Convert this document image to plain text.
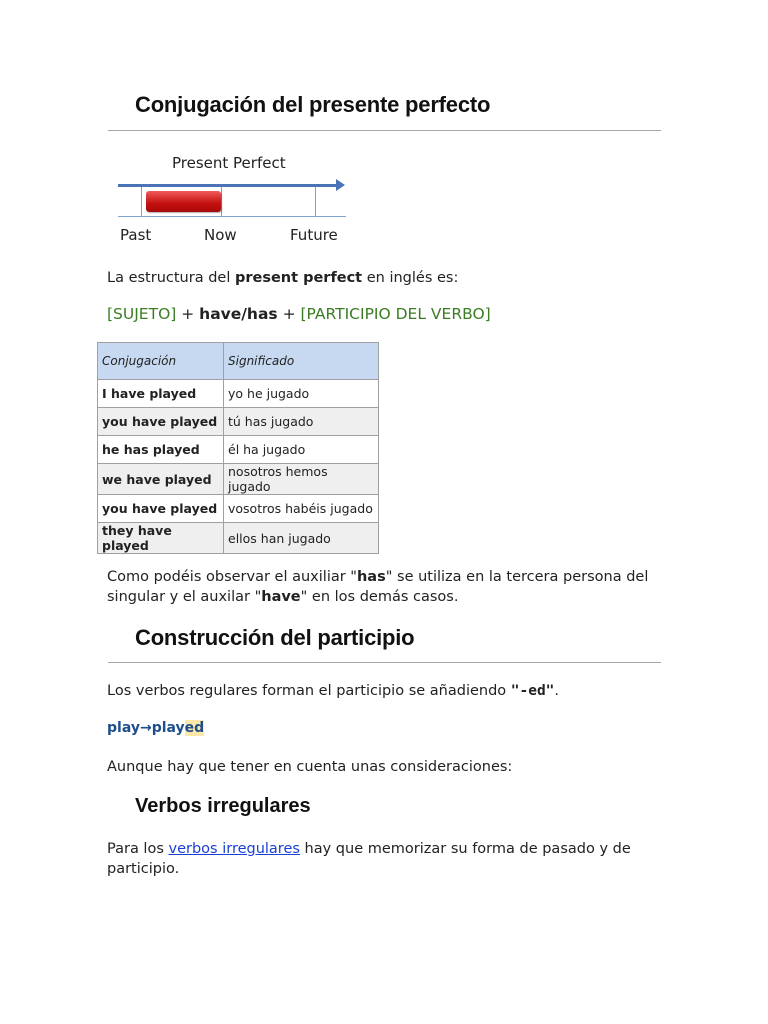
Conjugación del presente perfecto
Present Perfect
Past	Now	Future
La estructura del present perfect en inglés es:
[SUJETO] + have/has + [PARTICIPIO DEL VERBO]
Conjugación	Significado
I have played	yo he jugado
you have played	tú has jugado
he has played	él ha jugado
we have played	nosotros hemos jugado
you have played	vosotros habéis jugado
they have played	ellos han jugado
Como podéis observar el auxiliar "has" se utiliza en la tercera persona del singular y el auxilar "have" en los demás casos.
Construcción del participio
Los verbos regulares forman el participio se añadiendo "-ed".
play→played
Aunque hay que tener en cuenta unas consideraciones:
Verbos irregulares
Para los verbos irregulares hay que memorizar su forma de pasado y de participio.
